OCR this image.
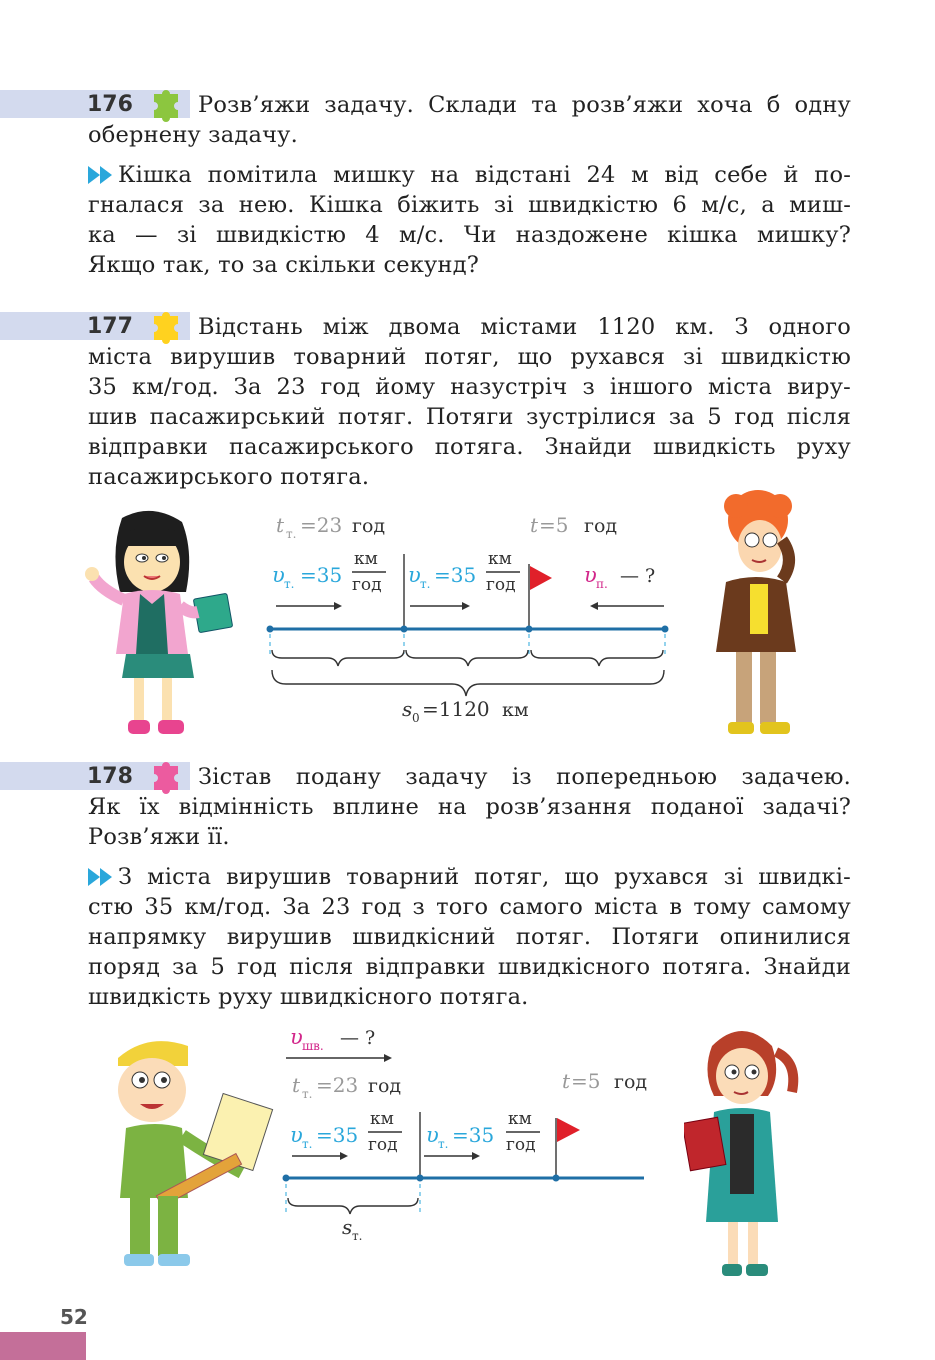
176	Розв’яжи задачу. Склади та розв’яжи хоча б одну
обернену задачу.
Кішка помітила мишку на відстані 24 м від себе й по-
гналася за нею. Кішка біжить зі швидкістю 6 м/с, а миш-
ка — зі швидкістю 4 м/с. Чи наздожене кішка мишку?
Якщо так, то за скільки секунд?
177	Відстань між двома містами 1120 км. З одного
міста вирушив товарний потяг, що рухався зі швидкістю
35 км/год. За 23 год йому назустріч з іншого міста виру-
шив пасажирський потяг. Потяги зустрілися за 5 год після
відправки пасажирського потяга. Знайди швидкість руху
пасажирського потяга.
t т. =23 год	t =5 год
υ т. =35
км
год υ т. =35
км
год	υ п. — ?
s 0 =1120 км
178	Зістав подану задачу із попередньою задачею.
Як їх відмінність вплине на розв’язання поданої задачі?
Розв’яжи її.
З міста вирушив товарний потяг, що рухався зі швидкі-
стю 35 км/год. За 23 год з того самого міста в тому самому
напрямку вирушив швидкісний потяг. Потяги опинилися
поряд за 5 год після відправки швидкісного потяга. Знайди
швидкість руху швидкісного потяга.
υ шв. — ?
t т. =23 год	t =5 год
υ т. =35
км
год υ т. =35
км
год
s т.
52
